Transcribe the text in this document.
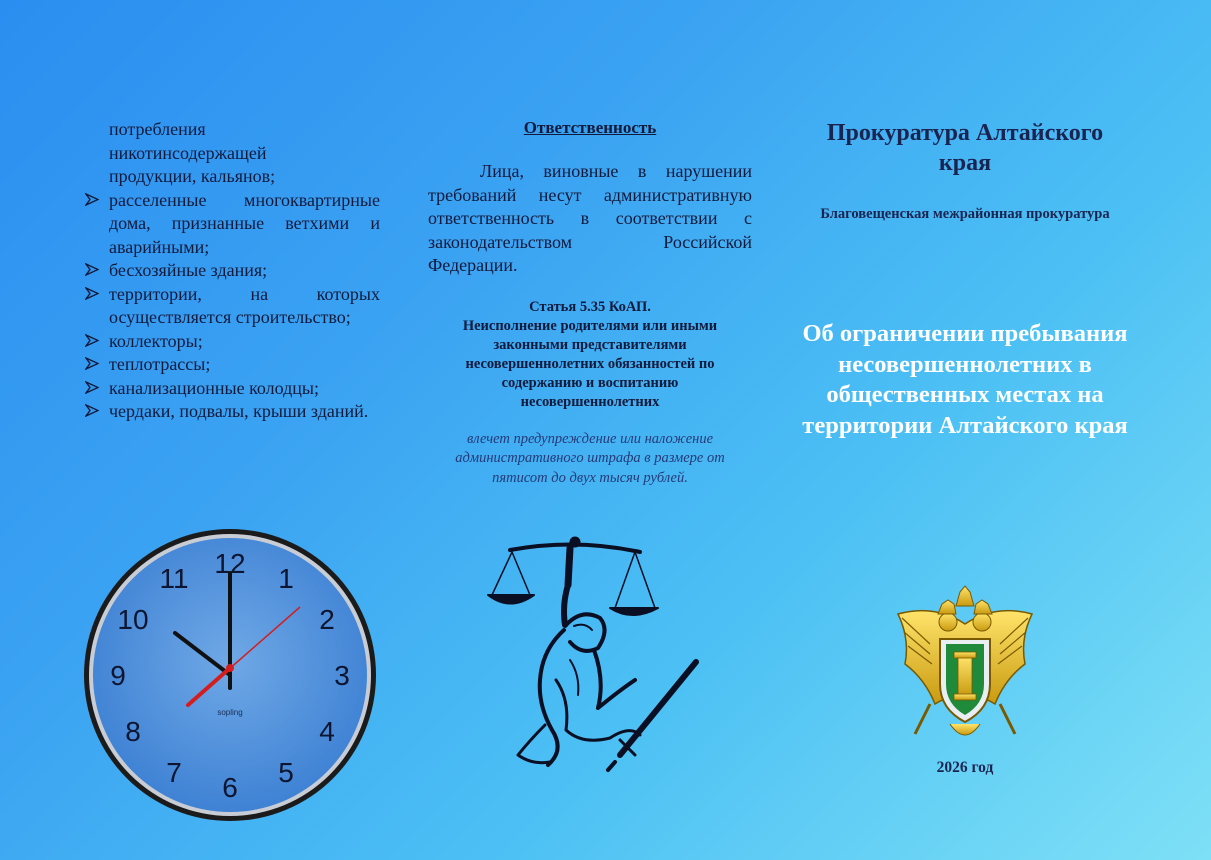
потребления
никотинсодержащей
продукции, кальянов;
расселенные многоквартирные дома, признанные ветхими и аварийными;
бесхозяйные здания;
территории, на которых осуществляется строительство;
коллекторы;
теплотрассы;
канализационные колодцы;
чердаки, подвалы, крыши зданий.
12 1
2
3
4
5
6
7
8
9
10
11
sopling
Ответственность
Лица, виновные в нарушении требований несут административную ответственность в соответствии с законодательством Российской Федерации.
Статья 5.35 КоАП.
Неисполнение родителями или иными законными представителями несовершеннолетних обязанностей по содержанию и воспитанию несовершеннолетних
влечет предупреждение или наложение административного штрафа в размере от пятисот до двух тысяч рублей.
Прокуратура Алтайского края
Благовещенская межрайонная прокуратура
Об ограничении пребывания несовершеннолетних в общественных местах на территории Алтайского края
2026 год
